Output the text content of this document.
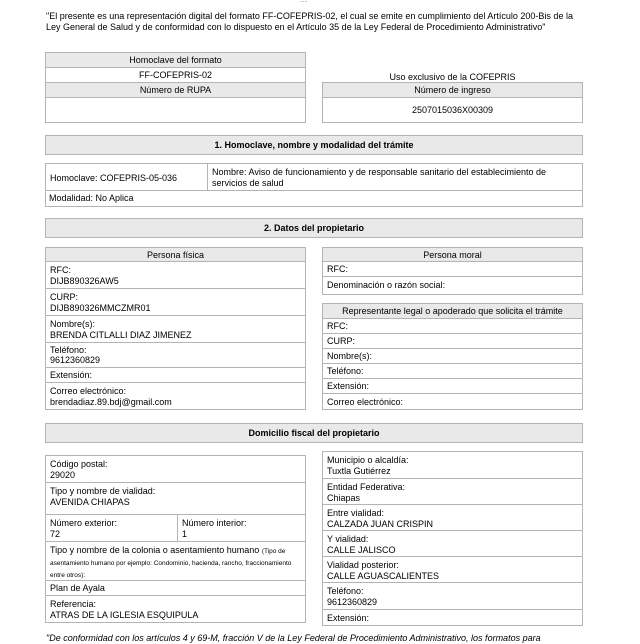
"El presente es una representación digital del formato FF-COFEPRIS-02, el cual se emite en cumplimiento del Artículo 200-Bis de la Ley General de Salud y de conformidad con lo dispuesto en el Artículo 35 de la Ley Federal de Procedimiento Administrativo"
Homoclave del formato
FF-COFEPRIS-02
Número de RUPA
Uso exclusivo de la COFEPRIS
Número de ingreso
2507015036X00309
1. Homoclave, nombre y modalidad del trámite
Homoclave: COFEPRIS-05-036
Nombre: Aviso de funcionamiento y de responsable sanitario del establecimiento de servicios de salud
Modalidad: No Aplica
2. Datos del propietario
Persona física
RFC:
DIJB890326AW5
CURP:
DIJB890326MMCZMR01
Nombre(s):
BRENDA CITLALLI DIAZ JIMENEZ
Teléfono:
9612360829
Extensión:
Correo electrónico:
brendadiaz.89.bdj@gmail.com
Persona moral
RFC:
Denominación o razón social:
Representante legal o apoderado que solicita el trámite
RFC:
CURP:
Nombre(s):
Teléfono:
Extensión:
Correo electrónico:
Domicilio fiscal del propietario
Código postal:
29020
Tipo y nombre de vialidad:
AVENIDA CHIAPAS
Número exterior:
72
Número interior:
1
Tipo y nombre de la colonia o asentamiento humano (Tipo de asentamiento humano por ejemplo: Condominio, hacienda, rancho, fraccionamiento entre otros):
Plan de Ayala
Referencia:
ATRAS DE LA IGLESIA ESQUIPULA
Municipio o alcaldía:
Tuxtla Gutiérrez
Entidad Federativa:
Chiapas
Entre vialidad:
CALZADA JUAN CRISPIN
Y vialidad:
CALLE JALISCO
Vialidad posterior:
CALLE AGUASCALIENTES
Teléfono:
9612360829
Extensión:
"De conformidad con los artículos 4 y 69-M, fracción V de la Ley Federal de Procedimiento Administrativo, los formatos para
